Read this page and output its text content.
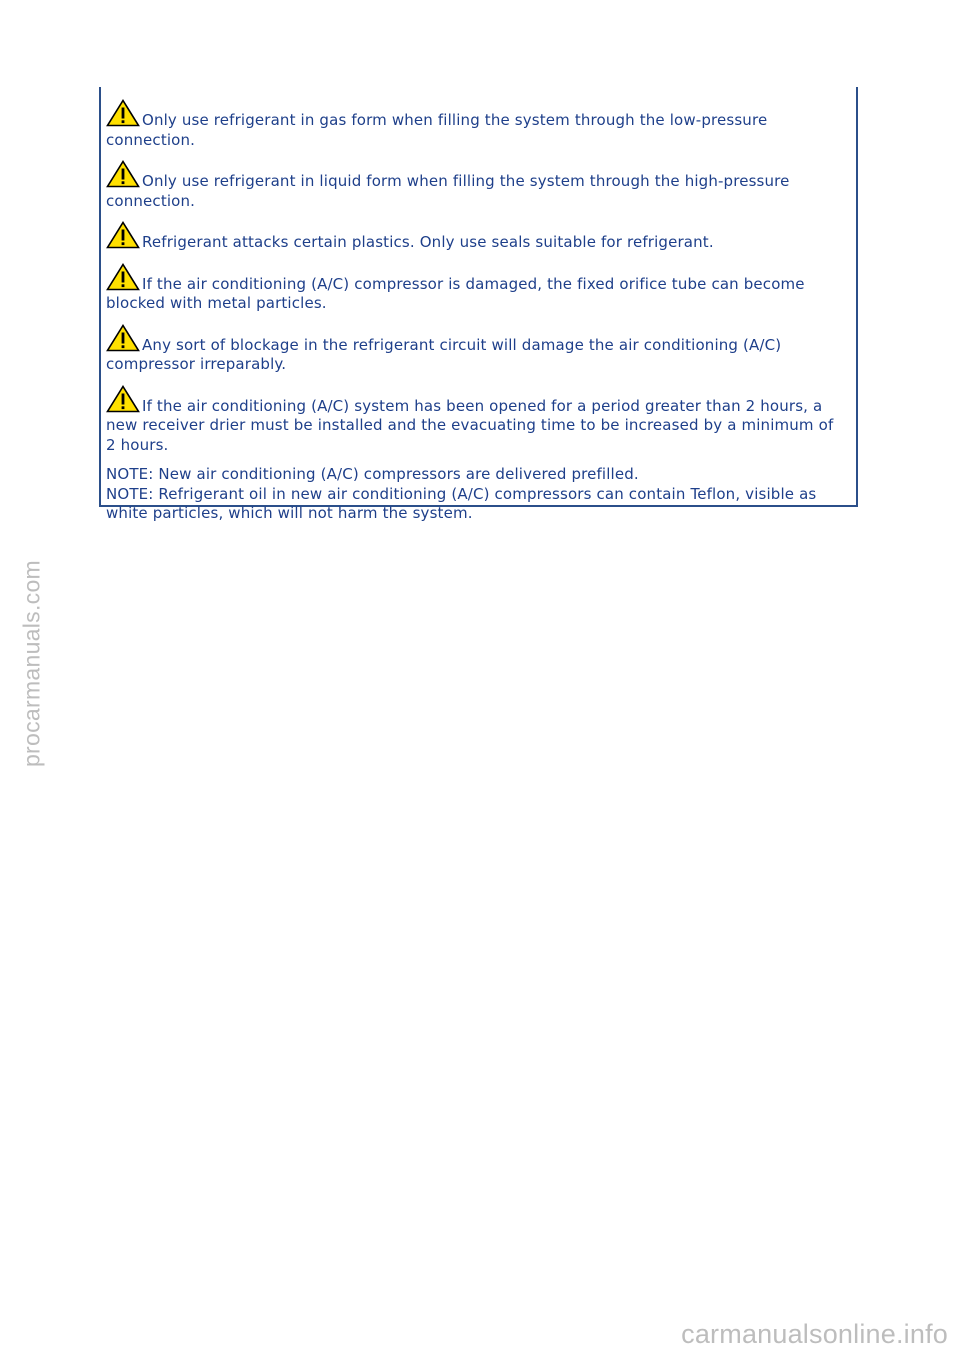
Only use refrigerant in gas form when filling the system through the low-pressure connection.

Only use refrigerant in liquid form when filling the system through the high-pressure connection.

Refrigerant attacks certain plastics. Only use seals suitable for refrigerant.

If the air conditioning (A/C) compressor is damaged, the fixed orifice tube can become blocked with metal particles.

Any sort of blockage in the refrigerant circuit will damage the air conditioning (A/C) compressor irreparably.

If the air conditioning (A/C) system has been opened for a period greater than 2 hours, a new receiver drier must be installed and the evacuating time to be increased by a minimum of 2 hours.

NOTE: New air conditioning (A/C) compressors are delivered prefilled.

NOTE: Refrigerant oil in new air conditioning (A/C) compressors can contain Teflon, visible as white particles, which will not harm the system.

procarmanuals.com
carmanualsonline.info
